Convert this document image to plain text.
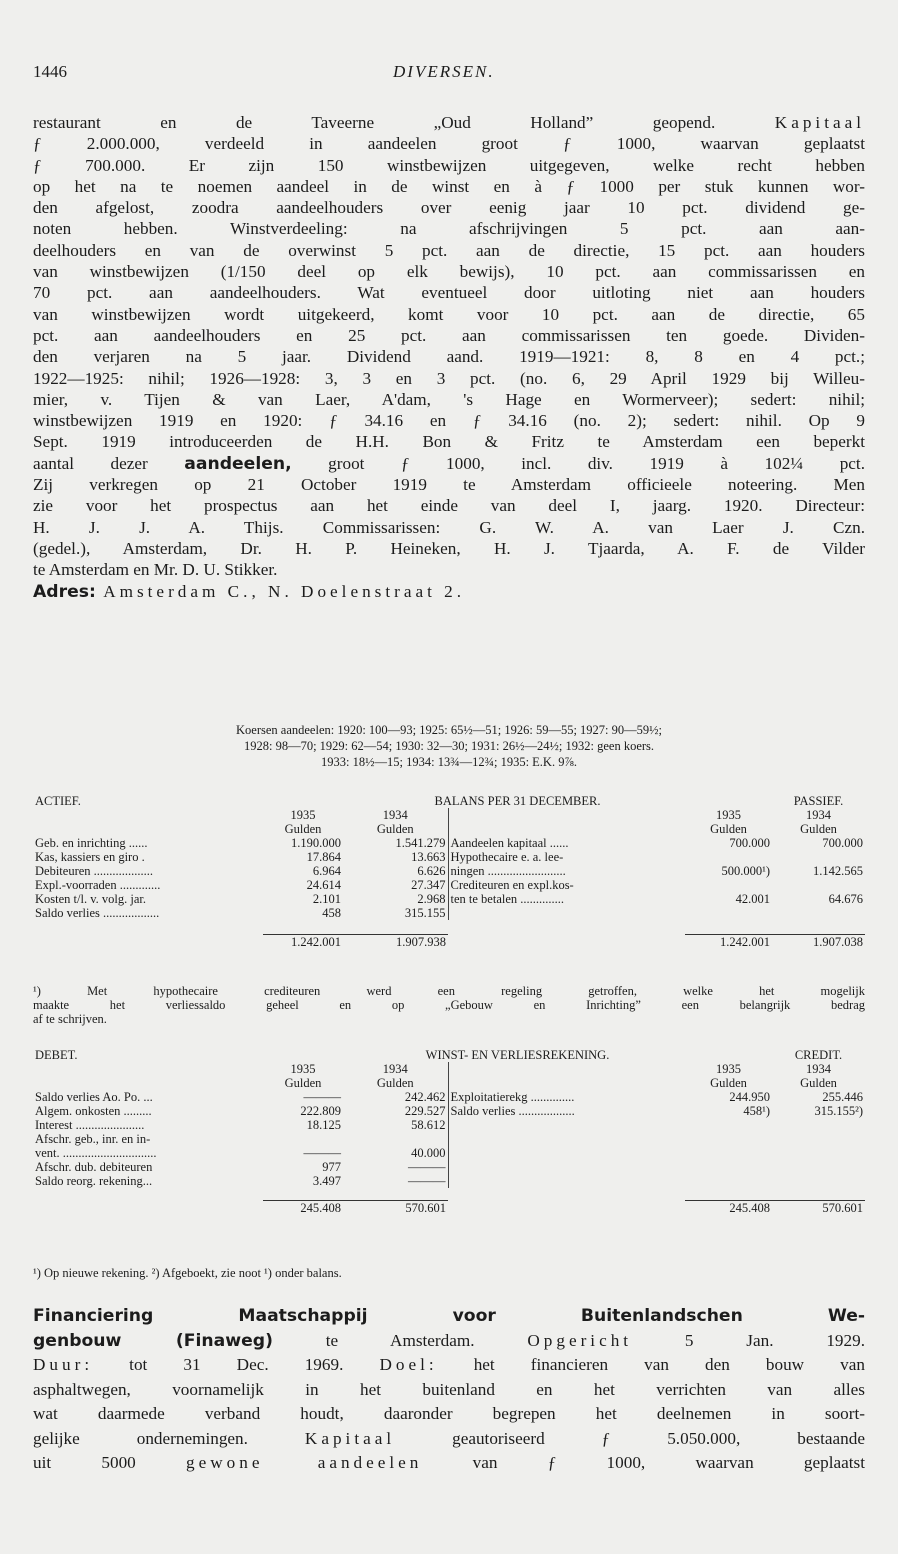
1446	DIVERSEN.
restaurant en de Taveerne „Oud Holland” geopend. Kapitaal
ƒ 2.000.000, verdeeld in aandeelen groot ƒ 1000, waarvan geplaatst
ƒ 700.000. Er zijn 150 winstbewijzen uitgegeven, welke recht hebben
op het na te noemen aandeel in de winst en à ƒ 1000 per stuk kunnen wor-
den afgelost, zoodra aandeelhouders over eenig jaar 10 pct. dividend ge-
noten hebben. Winstverdeeling: na afschrijvingen 5 pct. aan aan-
deelhouders en van de overwinst 5 pct. aan de directie, 15 pct. aan houders
van winstbewijzen (1/150 deel op elk bewijs), 10 pct. aan commissarissen en
70 pct. aan aandeelhouders. Wat eventueel door uitloting niet aan houders
van winstbewijzen wordt uitgekeerd, komt voor 10 pct. aan de directie, 65
pct. aan aandeelhouders en 25 pct. aan commissarissen ten goede. Dividen-
den verjaren na 5 jaar. Dividend aand. 1919—1921: 8, 8 en 4 pct.;
1922—1925: nihil; 1926—1928: 3, 3 en 3 pct. (no. 6, 29 April 1929 bij Willeu-
mier, v. Tijen & van Laer, A'dam, 's Hage en Wormerveer); sedert: nihil;
winstbewijzen 1919 en 1920: ƒ 34.16 en ƒ 34.16 (no. 2); sedert: nihil. Op 9
Sept. 1919 introduceerden de H.H. Bon & Fritz te Amsterdam een beperkt
aantal dezer aandeelen, groot ƒ 1000, incl. div. 1919 à 102¼ pct.
Zij verkregen op 21 October 1919 te Amsterdam officieele noteering. Men
zie voor het prospectus aan het einde van deel I, jaarg. 1920. Directeur:
H. J. J. A. Thijs. Commissarissen: G. W. A. van Laer J. Czn.
(gedel.), Amsterdam, Dr. H. P. Heineken, H. J. Tjaarda, A. F. de Vilder
te Amsterdam en Mr. D. U. Stikker.
Adres: Amsterdam C., N. Doelenstraat 2.
Koersen aandeelen: 1920: 100—93; 1925: 65½—51; 1926: 59—55; 1927: 90—59½;
1928: 98—70; 1929: 62—54; 1930: 32—30; 1931: 26½—24½; 1932: geen koers.
1933: 18½—15; 1934: 13¾—12¾; 1935: E.K. 9⅞.
ACTIEF.	BALANS PER 31 DECEMBER.				PASSIEF.
	1935	1934		1935	1934
	Gulden	Gulden		Gulden	Gulden
Geb. en inrichting ......	1.190.000	1.541.279	Aandeelen kapitaal ......	700.000	700.000
Kas, kassiers en giro .	17.864	13.663	Hypothecaire e. a. lee-		
Debiteuren ...................	6.964	6.626	ningen .........................	500.000¹)	1.142.565
Expl.-voorraden .............	24.614	27.347	Crediteuren en expl.kos-		
Kosten t/l. v. volg. jar.	2.101	2.968	ten te betalen ..............	42.001	64.676
Saldo verlies ..................	458	315.155			

	1.242.001	1.907.938		1.242.001	1.907.038
¹) Met hypothecaire crediteuren werd een regeling getroffen, welke het mogelijk
maakte het verliessaldo geheel en op „Gebouw en Inrichting” een belangrijk bedrag
af te schrijven.
DEBET.	WINST- EN VERLIESREKENING.				CREDIT.
	1935	1934		1935	1934
	Gulden	Gulden		Gulden	Gulden
Saldo verlies Ao. Po. ...	———	242.462	Exploitatierekg ..............	244.950	255.446
Algem. onkosten .........	222.809	229.527	Saldo verlies ..................	458¹)	315.155²)
Interest ......................	18.125	58.612			
Afschr. geb., inr. en in-					
vent. ..............................	———	40.000			
Afschr. dub. debiteuren	977	———			
Saldo reorg. rekening...	3.497	———			

	245.408	570.601		245.408	570.601
¹) Op nieuwe rekening. ²) Afgeboekt, zie noot ¹) onder balans.
Financiering Maatschappij voor Buitenlandschen We-
genbouw (Finaweg) te Amsterdam. Opgericht 5 Jan. 1929.
Duur: tot 31 Dec. 1969. Doel: het financieren van den bouw van
asphaltwegen, voornamelijk in het buitenland en het verrichten van alles
wat daarmede verband houdt, daaronder begrepen het deelnemen in soort-
gelijke ondernemingen. Kapitaal geautoriseerd ƒ 5.050.000, bestaande
uit 5000 gewone aandeelen van ƒ 1000, waarvan geplaatst
